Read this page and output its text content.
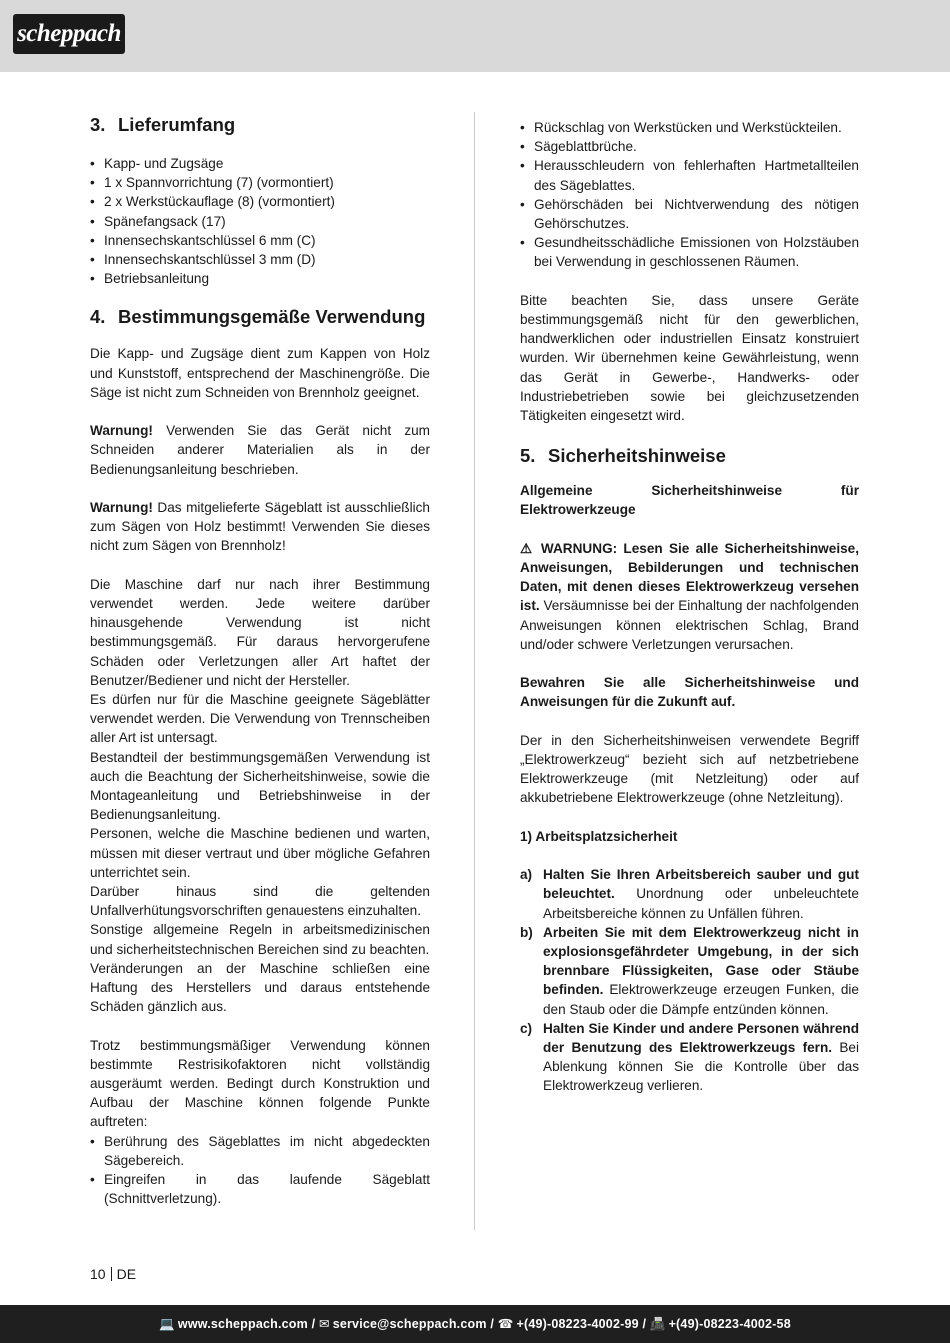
scheppach
3. Lieferumfang
• Kapp- und Zugsäge
• 1 x Spannvorrichtung (7) (vormontiert)
• 2 x Werkstückauflage (8) (vormontiert)
• Spänefangsack (17)
• Innensechskantschlüssel 6 mm (C)
• Innensechskantschlüssel 3 mm (D)
• Betriebsanleitung
4. Bestimmungsgemäße Verwendung

Die Kapp- und Zugsäge dient zum Kappen von Holz und Kunststoff, entsprechend der Maschinengröße. Die Säge ist nicht zum Schneiden von Brennholz geeignet.

Warnung! Verwenden Sie das Gerät nicht zum Schneiden anderer Materialien als in der Bedienungsanleitung beschrieben.

Warnung! Das mitgelieferte Sägeblatt ist ausschließlich zum Sägen von Holz bestimmt! Verwenden Sie dieses nicht zum Sägen von Brennholz!

Die Maschine darf nur nach ihrer Bestimmung verwendet werden. Jede weitere darüber hinausgehende Verwendung ist nicht bestimmungsgemäß. Für daraus hervorgerufene Schäden oder Verletzungen aller Art haftet der Benutzer/Bediener und nicht der Hersteller.

Es dürfen nur für die Maschine geeignete Sägeblätter verwendet werden. Die Verwendung von Trennscheiben aller Art ist untersagt.

Bestandteil der bestimmungsgemäßen Verwendung ist auch die Beachtung der Sicherheitshinweise, sowie die Montageanleitung und Betriebshinweise in der Bedienungsanleitung.

Personen, welche die Maschine bedienen und warten, müssen mit dieser vertraut und über mögliche Gefahren unterrichtet sein.

Darüber hinaus sind die geltenden Unfallverhütungsvorschriften genauestens einzuhalten.

Sonstige allgemeine Regeln in arbeitsmedizinischen und sicherheitstechnischen Bereichen sind zu beachten.

Veränderungen an der Maschine schließen eine Haftung des Herstellers und daraus entstehende Schäden gänzlich aus.

Trotz bestimmungsmäßiger Verwendung können bestimmte Restrisikofaktoren nicht vollständig ausgeräumt werden. Bedingt durch Konstruktion und Aufbau der Maschine können folgende Punkte auftreten:

• Berührung des Sägeblattes im nicht abgedeckten Sägebereich.
• Eingreifen in das laufende Sägeblatt (Schnittverletzung).
• Rückschlag von Werkstücken und Werkstückteilen.
• Sägeblattbrüche.
• Herausschleudern von fehlerhaften Hartmetallteilen des Sägeblattes.
• Gehörschäden bei Nichtverwendung des nötigen Gehörschutzes.
• Gesundheitsschädliche Emissionen von Holzstäuben bei Verwendung in geschlossenen Räumen.

Bitte beachten Sie, dass unsere Geräte bestimmungsgemäß nicht für den gewerblichen, handwerklichen oder industriellen Einsatz konstruiert wurden. Wir übernehmen keine Gewährleistung, wenn das Gerät in Gewerbe-, Handwerks- oder Industriebetrieben sowie bei gleichzusetzenden Tätigkeiten eingesetzt wird.

5. Sicherheitshinweise

Allgemeine Sicherheitshinweise für Elektrowerkzeuge

⚠ WARNUNG: Lesen Sie alle Sicherheitshinweise, Anweisungen, Bebilderungen und technischen Daten, mit denen dieses Elektrowerkzeug versehen ist. Versäumnisse bei der Einhaltung der nachfolgenden Anweisungen können elektrischen Schlag, Brand und/oder schwere Verletzungen verursachen.

Bewahren Sie alle Sicherheitshinweise und Anweisungen für die Zukunft auf.

Der in den Sicherheitshinweisen verwendete Begriff „Elektrowerkzeug“ bezieht sich auf netzbetriebene Elektrowerkzeuge (mit Netzleitung) oder auf akkubetriebene Elektrowerkzeuge (ohne Netzleitung).

1) Arbeitsplatzsicherheit

a) Halten Sie Ihren Arbeitsbereich sauber und gut beleuchtet. Unordnung oder unbeleuchtete Arbeitsbereiche können zu Unfällen führen.
b) Arbeiten Sie mit dem Elektrowerkzeug nicht in explosionsgefährdeter Umgebung, in der sich brennbare Flüssigkeiten, Gase oder Stäube befinden. Elektrowerkzeuge erzeugen Funken, die den Staub oder die Dämpfe entzünden können.
c) Halten Sie Kinder und andere Personen während der Benutzung des Elektrowerkzeugs fern. Bei Ablenkung können Sie die Kontrolle über das Elektrowerkzeug verlieren.
10 DE
💻 www.scheppach.com / ✉ service@scheppach.com / ☎ +(49)-08223-4002-99 / 📠 +(49)-08223-4002-58
